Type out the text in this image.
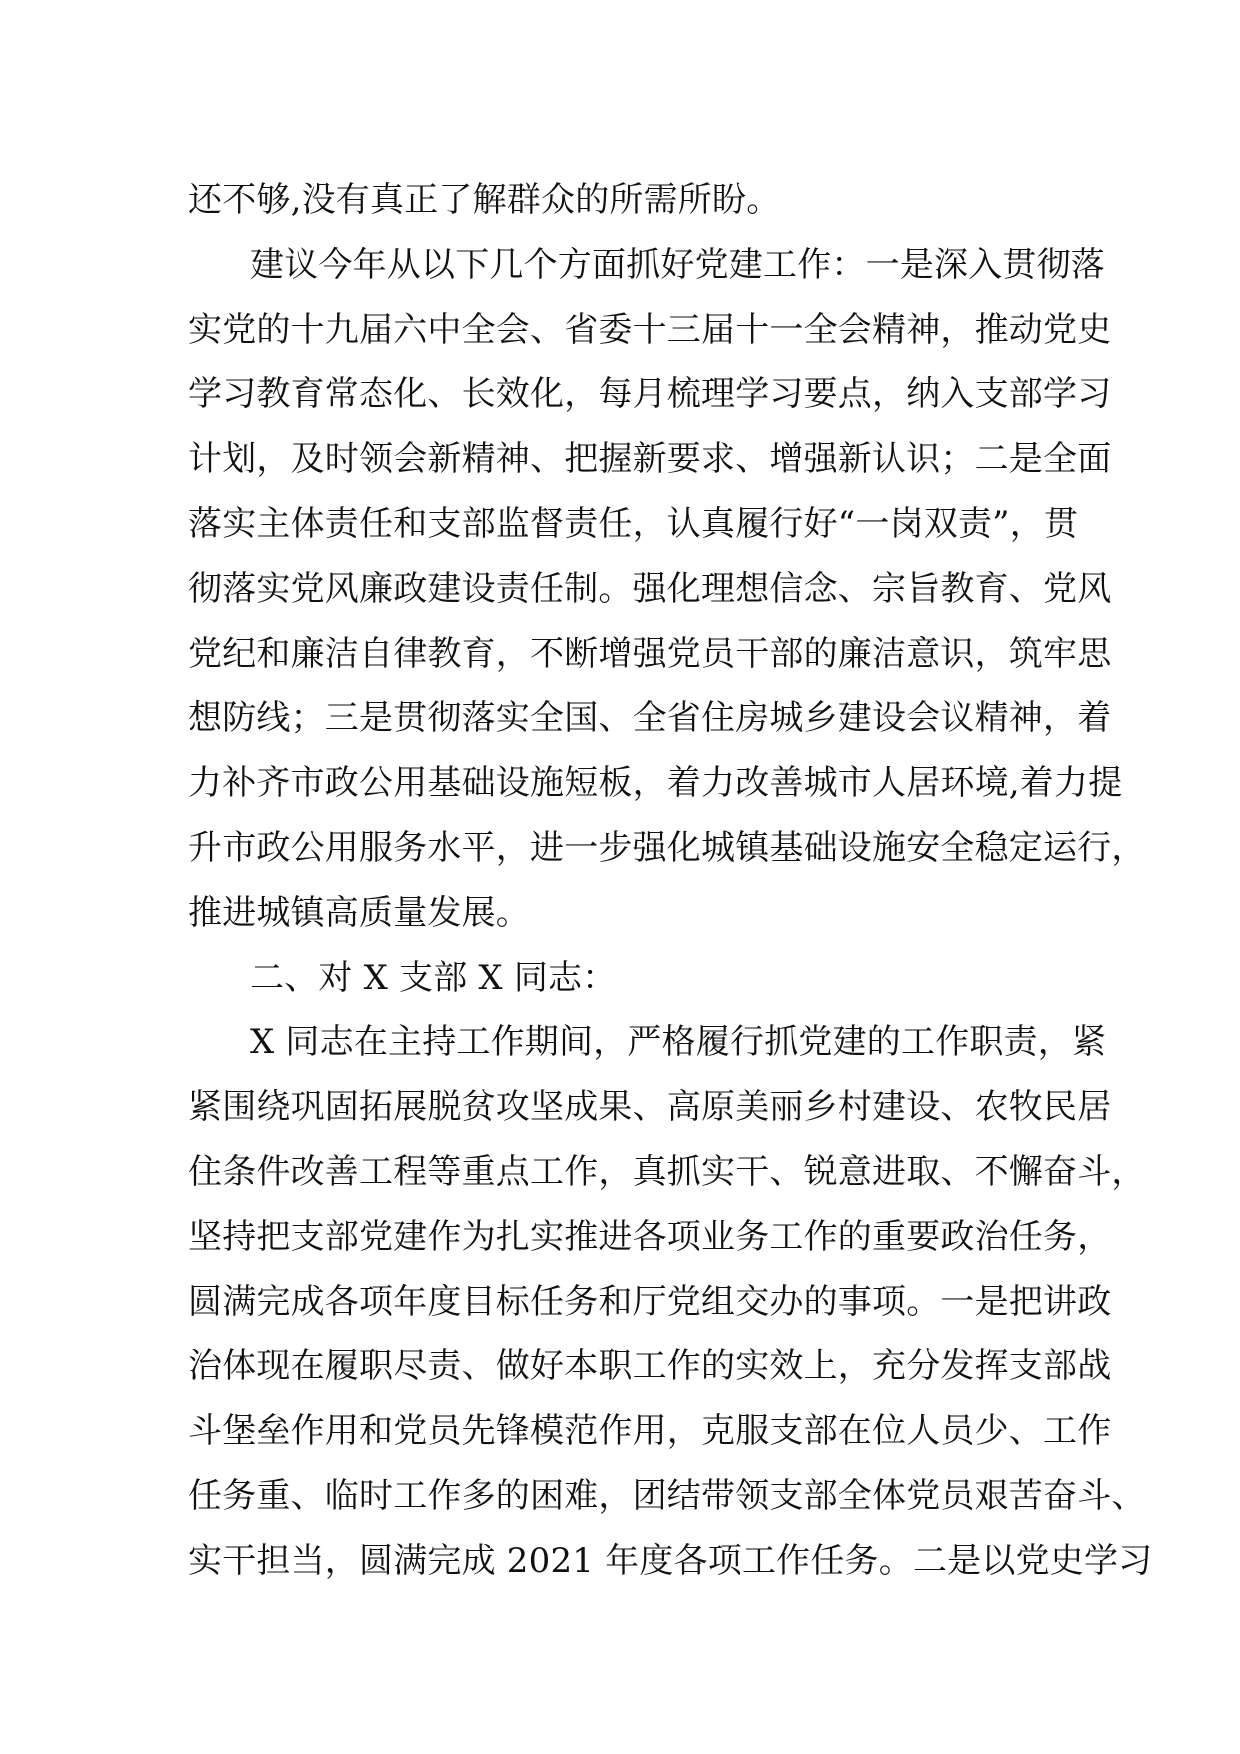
还不够,没有真正了解群众的所需所盼。
建议今年从以下几个方面抓好党建工作：一是深入贯彻落
实党的十九届六中全会、省委十三届十一全会精神，推动党史
学习教育常态化、长效化，每月梳理学习要点，纳入支部学习
计划，及时领会新精神、把握新要求、增强新认识；二是全面
落实主体责任和支部监督责任，认真履行好“一岗双责”，贯
彻落实党风廉政建设责任制。强化理想信念、宗旨教育、党风
党纪和廉洁自律教育，不断增强党员干部的廉洁意识，筑牢思
想防线；三是贯彻落实全国、全省住房城乡建设会议精神，着
力补齐市政公用基础设施短板，着力改善城市人居环境,着力提
升市政公用服务水平，进一步强化城镇基础设施安全稳定运行，
推进城镇高质量发展。
二、对 X 支部 X 同志：
X 同志在主持工作期间，严格履行抓党建的工作职责，紧
紧围绕巩固拓展脱贫攻坚成果、高原美丽乡村建设、农牧民居
住条件改善工程等重点工作，真抓实干、锐意进取、不懈奋斗，
坚持把支部党建作为扎实推进各项业务工作的重要政治任务，
圆满完成各项年度目标任务和厅党组交办的事项。一是把讲政
治体现在履职尽责、做好本职工作的实效上，充分发挥支部战
斗堡垒作用和党员先锋模范作用，克服支部在位人员少、工作
任务重、临时工作多的困难，团结带领支部全体党员艰苦奋斗、
实干担当，圆满完成 2021 年度各项工作任务。二是以党史学习
